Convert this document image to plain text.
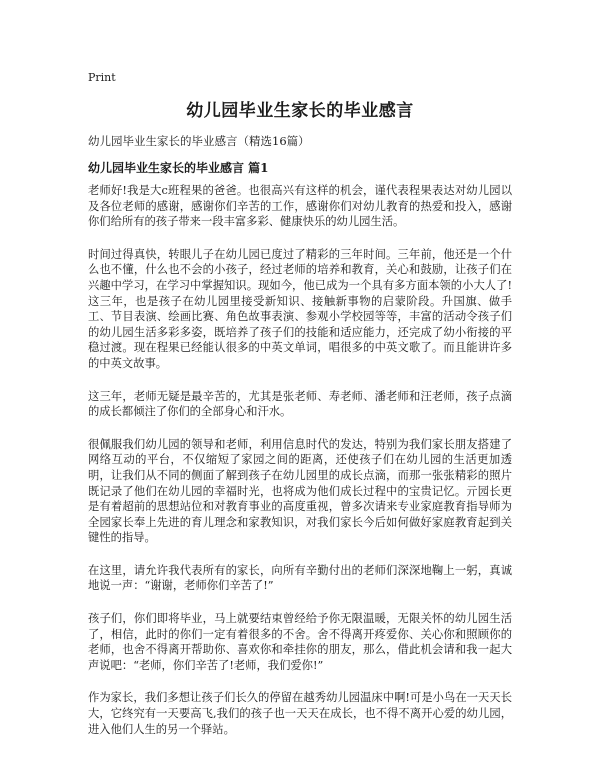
Print
幼儿园毕业生家长的毕业感言
幼儿园毕业生家长的毕业感言（精选16篇）
幼儿园毕业生家长的毕业感言 篇1

老师好!我是大c班程果的爸爸。也很高兴有这样的机会，谨代表程果表达对幼儿园以及各位老师的感谢，感谢你们辛苦的工作，感谢你们对幼儿教育的热爱和投入，感谢你们给所有的孩子带来一段丰富多彩、健康快乐的幼儿园生活。

时间过得真快，转眼儿子在幼儿园已度过了精彩的三年时间。三年前，他还是一个什么也不懂，什么也不会的小孩子，经过老师的培养和教育，关心和鼓励，让孩子们在兴趣中学习，在学习中掌握知识。现如今，他已成为一个具有多方面本领的小大人了!这三年，也是孩子在幼儿园里接受新知识、接触新事物的启蒙阶段。升国旗、做手工、节目表演、绘画比赛、角色故事表演、参观小学校园等等，丰富的活动令孩子们的幼儿园生活多彩多姿，既培养了孩子们的技能和适应能力，还完成了幼小衔接的平稳过渡。现在程果已经能认很多的中英文单词，唱很多的中英文歌了。而且能讲许多的中英文故事。

这三年，老师无疑是最辛苦的，尤其是张老师、寿老师、潘老师和汪老师，孩子点滴的成长都倾注了你们的全部身心和汗水。

很佩服我们幼儿园的领导和老师，利用信息时代的发达，特别为我们家长朋友搭建了网络互动的平台，不仅缩短了家园之间的距离，还使孩子们在幼儿园的生活更加透明，让我们从不同的侧面了解到孩子在幼儿园里的成长点滴，而那一张张精彩的照片既记录了他们在幼儿园的幸福时光，也将成为他们成长过程中的宝贵记忆。亓园长更是有着超前的思想站位和对教育事业的高度重视，曾多次请来专业家庭教育指导师为全园家长奉上先进的育儿理念和家教知识，对我们家长今后如何做好家庭教育起到关键性的指导。

在这里，请允许我代表所有的家长，向所有辛勤付出的老师们深深地鞠上一躬，真诚地说一声：“谢谢，老师你们辛苦了!”

孩子们，你们即将毕业，马上就要结束曾经给予你无限温暖，无限关怀的幼儿园生活了，相信，此时的你们一定有着很多的不舍。舍不得离开疼爱你、关心你和照顾你的老师，也舍不得离开帮助你、喜欢你和牵挂你的朋友，那么，借此机会请和我一起大声说吧：“老师，你们辛苦了!老师，我们爱你!”

作为家长，我们多想让孩子们长久的停留在越秀幼儿园温床中啊!可是小鸟在一天天长大，它终究有一天要高飞,我们的孩子也一天天在成长，也不得不离开心爱的幼儿园，进入他们人生的另一个驿站。
